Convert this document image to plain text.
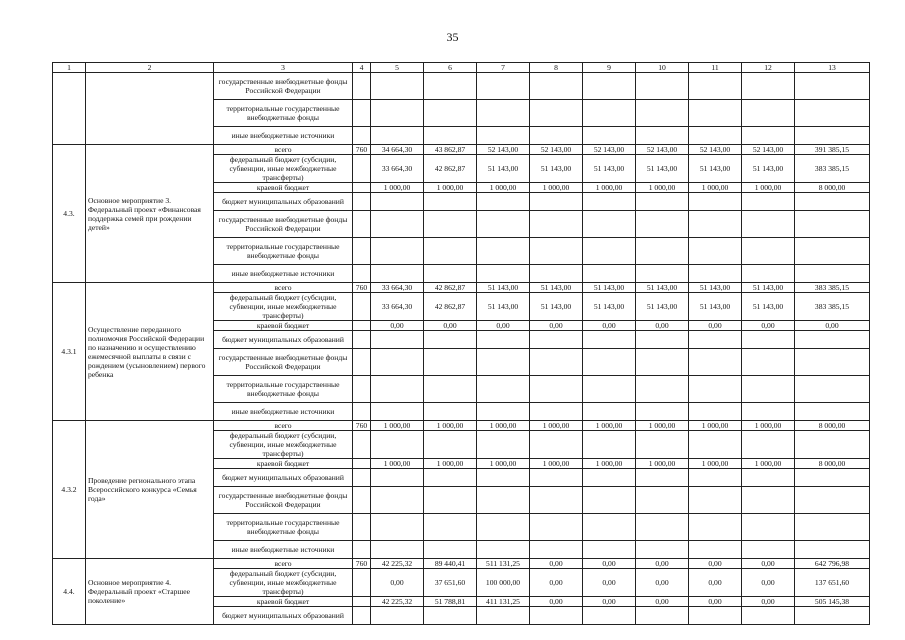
35
1	2	3	4	5	6	7	8	9	10	11	12	13
		государственные внебюджетные фонды Российской Федерации										
		территориальные государственные внебюджетные фонды										
		иные внебюджетные источники										
4.3.	Основное мероприятие 3. Федеральный проект «Финансовая поддержка семей при рождении детей»	всего	760	34 664,30	43 862,87	52 143,00	52 143,00	52 143,00	52 143,00	52 143,00	52 143,00	391 385,15
		федеральный бюджет (субсидии, субвенции, иные межбюджетные трансферты)		33 664,30	42 862,87	51 143,00	51 143,00	51 143,00	51 143,00	51 143,00	51 143,00	383 385,15
		краевой бюджет		1 000,00	1 000,00	1 000,00	1 000,00	1 000,00	1 000,00	1 000,00	1 000,00	8 000,00
		бюджет муниципальных образований										
		государственные внебюджетные фонды Российской Федерации										
		территориальные государственные внебюджетные фонды										
		иные внебюджетные источники										
4.3.1	Осуществление переданного полномочия Российской Федерации по назначению и осуществлению ежемесячной выплаты в связи с рождением (усыновлением) первого ребенка	всего	760	33 664,30	42 862,87	51 143,00	51 143,00	51 143,00	51 143,00	51 143,00	51 143,00	383 385,15
		федеральный бюджет (субсидии, субвенции, иные межбюджетные трансферты)		33 664,30	42 862,87	51 143,00	51 143,00	51 143,00	51 143,00	51 143,00	51 143,00	383 385,15
		краевой бюджет		0,00	0,00	0,00	0,00	0,00	0,00	0,00	0,00	0,00
		бюджет муниципальных образований										
		государственные внебюджетные фонды Российской Федерации										
		территориальные государственные внебюджетные фонды										
		иные внебюджетные источники										
4.3.2	Проведение регионального этапа Всероссийского конкурса «Семья года»	всего	760	1 000,00	1 000,00	1 000,00	1 000,00	1 000,00	1 000,00	1 000,00	1 000,00	8 000,00
		федеральный бюджет (субсидии, субвенции, иные межбюджетные трансферты)										
		краевой бюджет		1 000,00	1 000,00	1 000,00	1 000,00	1 000,00	1 000,00	1 000,00	1 000,00	8 000,00
		бюджет муниципальных образований										
		государственные внебюджетные фонды Российской Федерации										
		территориальные государственные внебюджетные фонды										
		иные внебюджетные источники										
4.4.	Основное мероприятие 4. Федеральный проект «Старшее поколение»	всего	760	42 225,32	89 440,41	511 131,25	0,00	0,00	0,00	0,00	0,00	642 796,98
		федеральный бюджет (субсидии, субвенции, иные межбюджетные трансферты)		0,00	37 651,60	100 000,00	0,00	0,00	0,00	0,00	0,00	137 651,60
		краевой бюджет		42 225,32	51 788,81	411 131,25	0,00	0,00	0,00	0,00	0,00	505 145,38
		бюджет муниципальных образований										
